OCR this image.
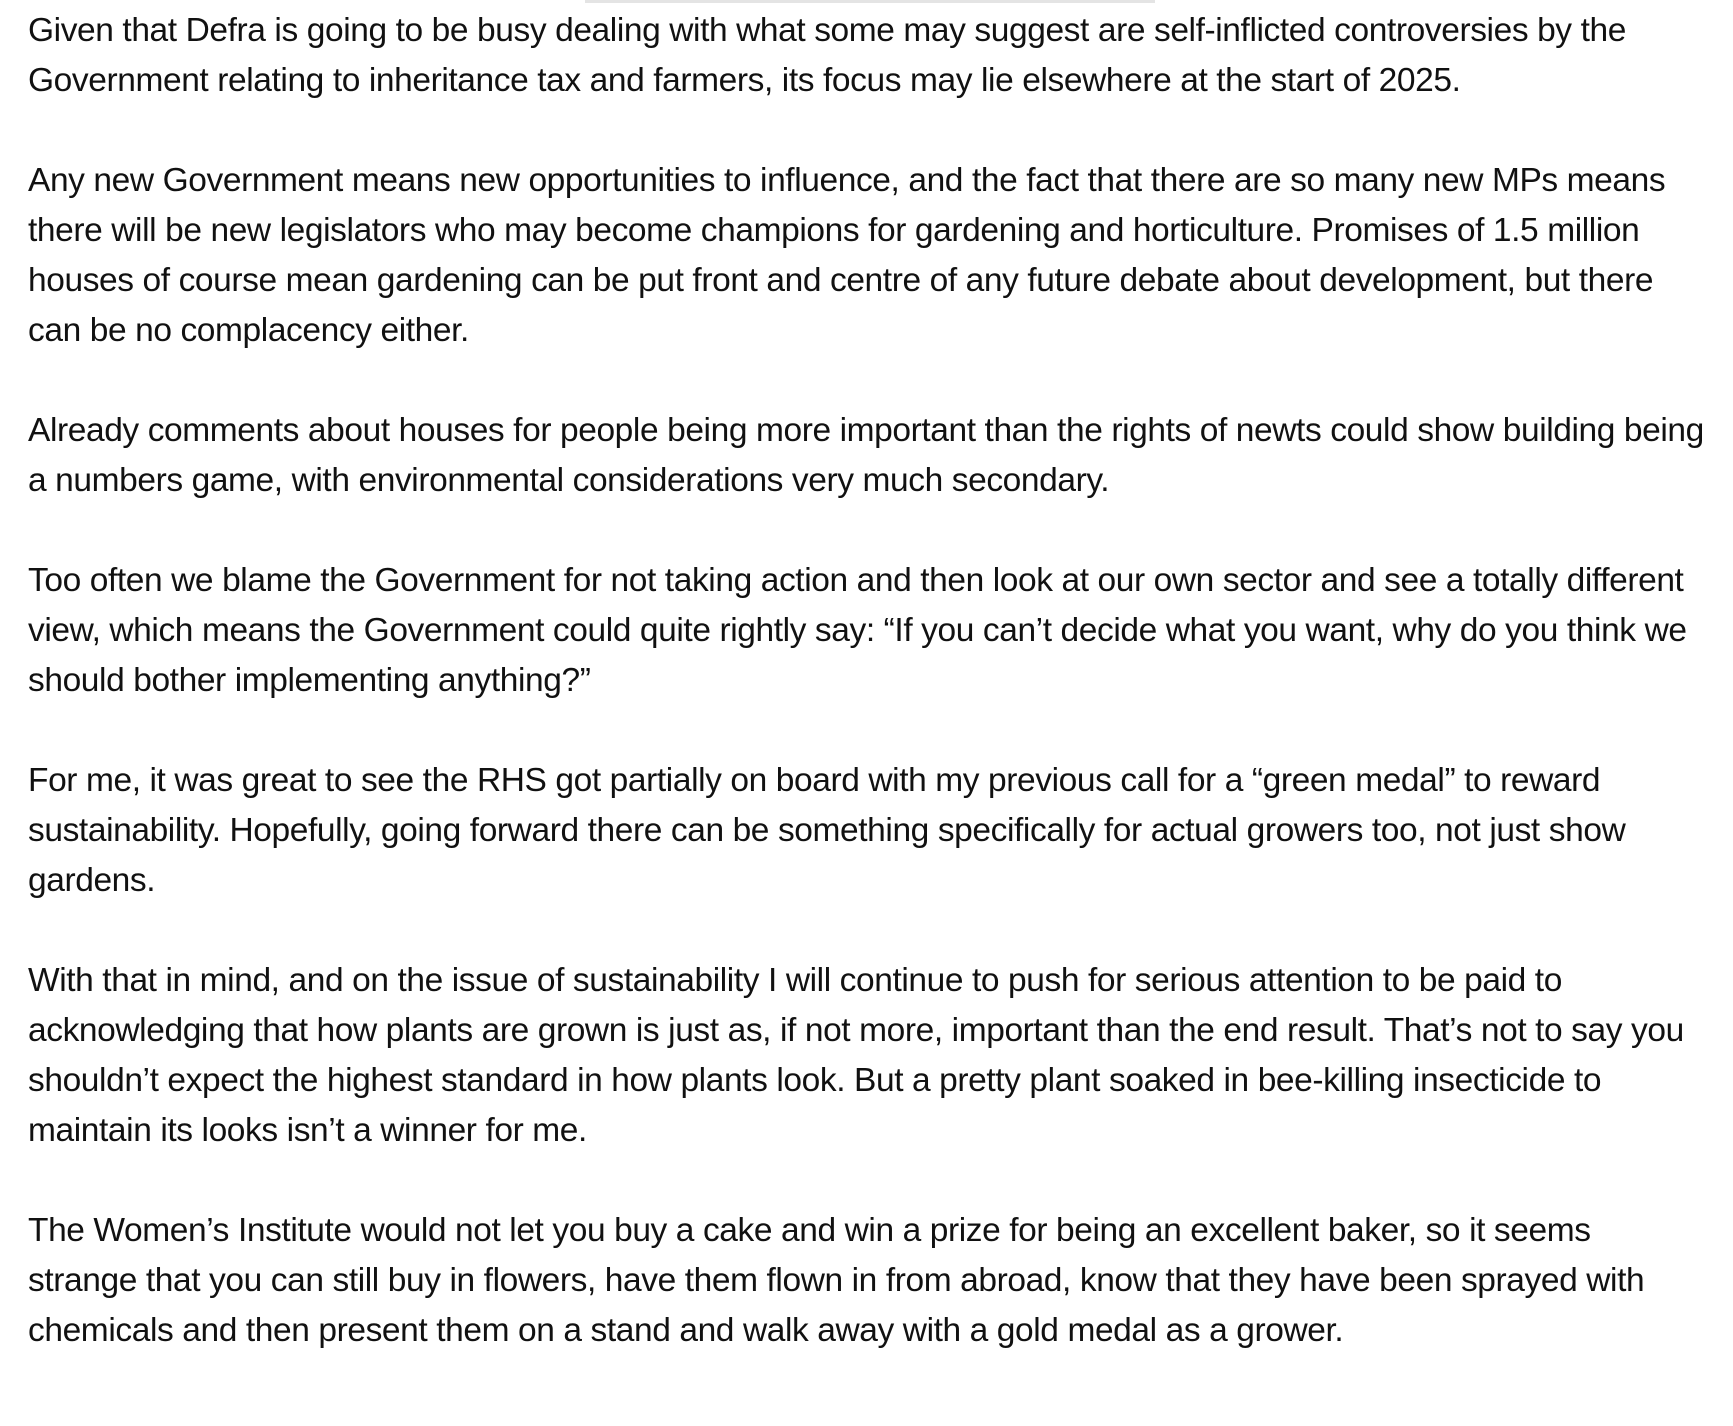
Given that Defra is going to be busy dealing with what some may suggest are self-inflicted controversies by the Government relating to inheritance tax and farmers, its focus may lie elsewhere at the start of 2025.

Any new Government means new opportunities to influence, and the fact that there are so many new MPs means there will be new legislators who may become champions for gardening and horticulture. Promises of 1.5 million houses of course mean gardening can be put front and centre of any future debate about development, but there can be no complacency either.

Already comments about houses for people being more important than the rights of newts could show building being a numbers game, with environmental considerations very much secondary.

Too often we blame the Government for not taking action and then look at our own sector and see a totally different view, which means the Government could quite rightly say: “If you can’t decide what you want, why do you think we should bother implementing anything?”

For me, it was great to see the RHS got partially on board with my previous call for a “green medal” to reward sustainability. Hopefully, going forward there can be something specifically for actual growers too, not just show gardens.

With that in mind, and on the issue of sustainability I will continue to push for serious attention to be paid to acknowledging that how plants are grown is just as, if not more, important than the end result. That’s not to say you shouldn’t expect the highest standard in how plants look. But a pretty plant soaked in bee-killing insecticide to maintain its looks isn’t a winner for me.

The Women’s Institute would not let you buy a cake and win a prize for being an excellent baker, so it seems strange that you can still buy in flowers, have them flown in from abroad, know that they have been sprayed with chemicals and then present them on a stand and walk away with a gold medal as a grower.
